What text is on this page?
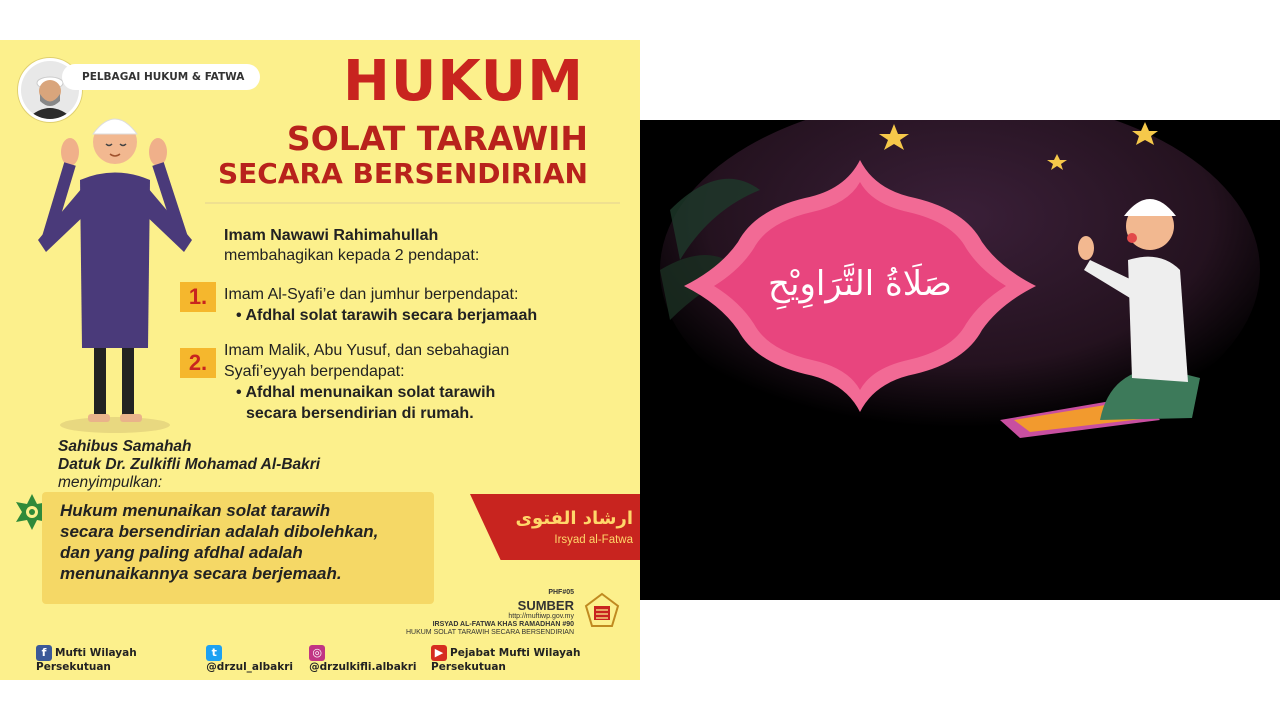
PELBAGAI HUKUM & FATWA HUKUM
SOLAT TARAWIH
SECARA BERSENDIRIAN
Imam Nawawi Rahimahullah
membahagikan kepada 2 pendapat:
1.	Imam Al-Syafi’e dan jumhur berpendapat:
• Afdhal solat tarawih secara berjamaah
2.	Imam Malik, Abu Yusuf, dan sebahagian
Syafi’eyyah berpendapat:
• Afdhal menunaikan solat tarawih
secara bersendirian di rumah.
Sahibus Samahah
Datuk Dr. Zulkifli Mohamad Al-Bakri
menyimpulkan:
Hukum menunaikan solat tarawih
secara bersendirian adalah dibolehkan,
dan yang paling afdhal adalah
menunaikannya secara berjemaah.
ارشاد الفتوى
Irsyad al-Fatwa
PHF#05
SUMBER
http://muftiwp.gov.my
IRSYAD AL-FATWA KHAS RAMADHAN #90
HUKUM SOLAT TARAWIH SECARA BERSENDIRIAN
f Mufti Wilayah Persekutuan
t@drzul_albakri
◎@drzulkifli.albakri
▶ Pejabat Mufti Wilayah Persekutuan
صَلَاةُ التَّرَاوِيْحِ
